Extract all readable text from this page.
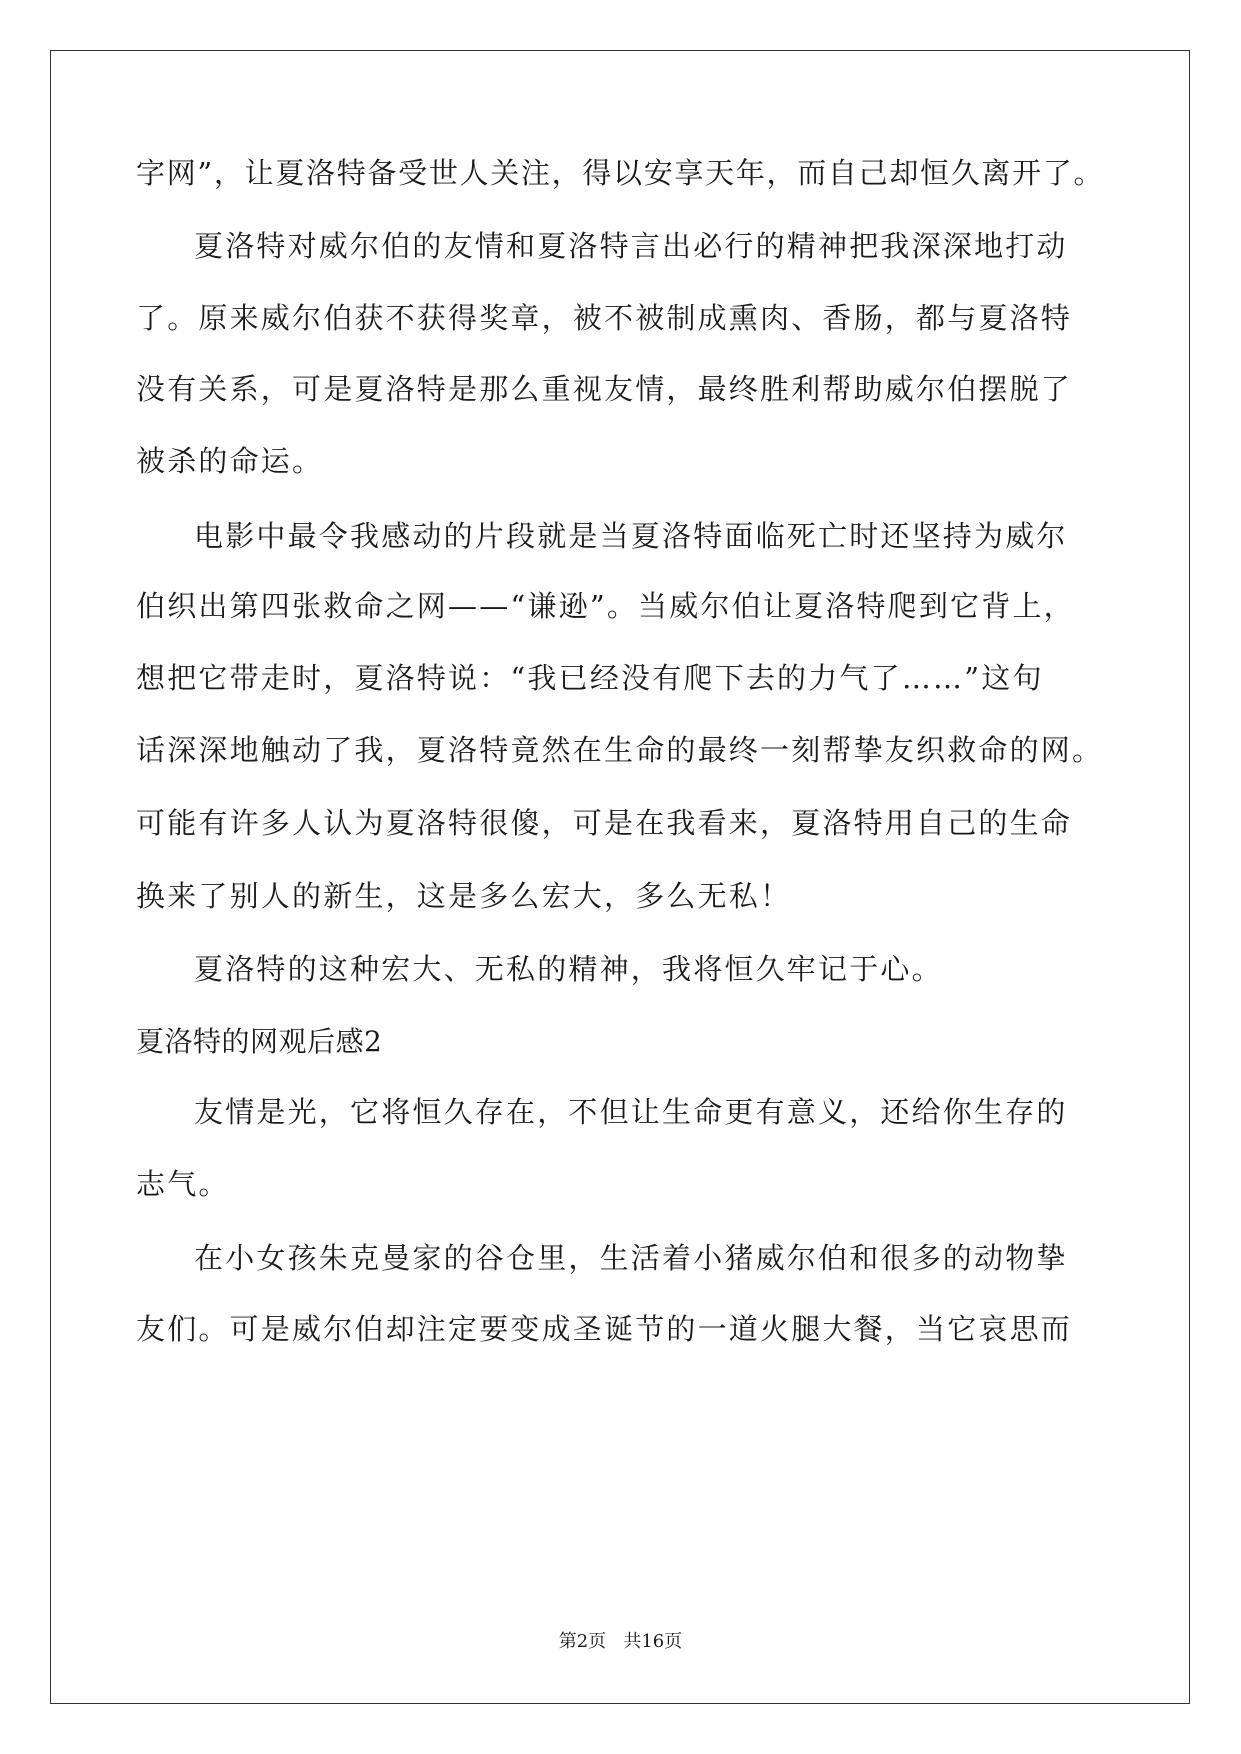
字网”，让夏洛特备受世人关注，得以安享天年，而自己却恒久离开了。
夏洛特对威尔伯的友情和夏洛特言出必行的精神把我深深地打动
了。原来威尔伯获不获得奖章，被不被制成熏肉、香肠，都与夏洛特
没有关系，可是夏洛特是那么重视友情，最终胜利帮助威尔伯摆脱了
被杀的命运。
电影中最令我感动的片段就是当夏洛特面临死亡时还坚持为威尔
伯织出第四张救命之网——“谦逊”。当威尔伯让夏洛特爬到它背上，
想把它带走时，夏洛特说：“我已经没有爬下去的力气了……”这句
话深深地触动了我，夏洛特竟然在生命的最终一刻帮挚友织救命的网。
可能有许多人认为夏洛特很傻，可是在我看来，夏洛特用自己的生命
换来了别人的新生，这是多么宏大，多么无私！
夏洛特的这种宏大、无私的精神，我将恒久牢记于心。
夏洛特的网观后感2
友情是光，它将恒久存在，不但让生命更有意义，还给你生存的
志气。
在小女孩朱克曼家的谷仓里，生活着小猪威尔伯和很多的动物挚
友们。可是威尔伯却注定要变成圣诞节的一道火腿大餐，当它哀思而
第2页 共16页
